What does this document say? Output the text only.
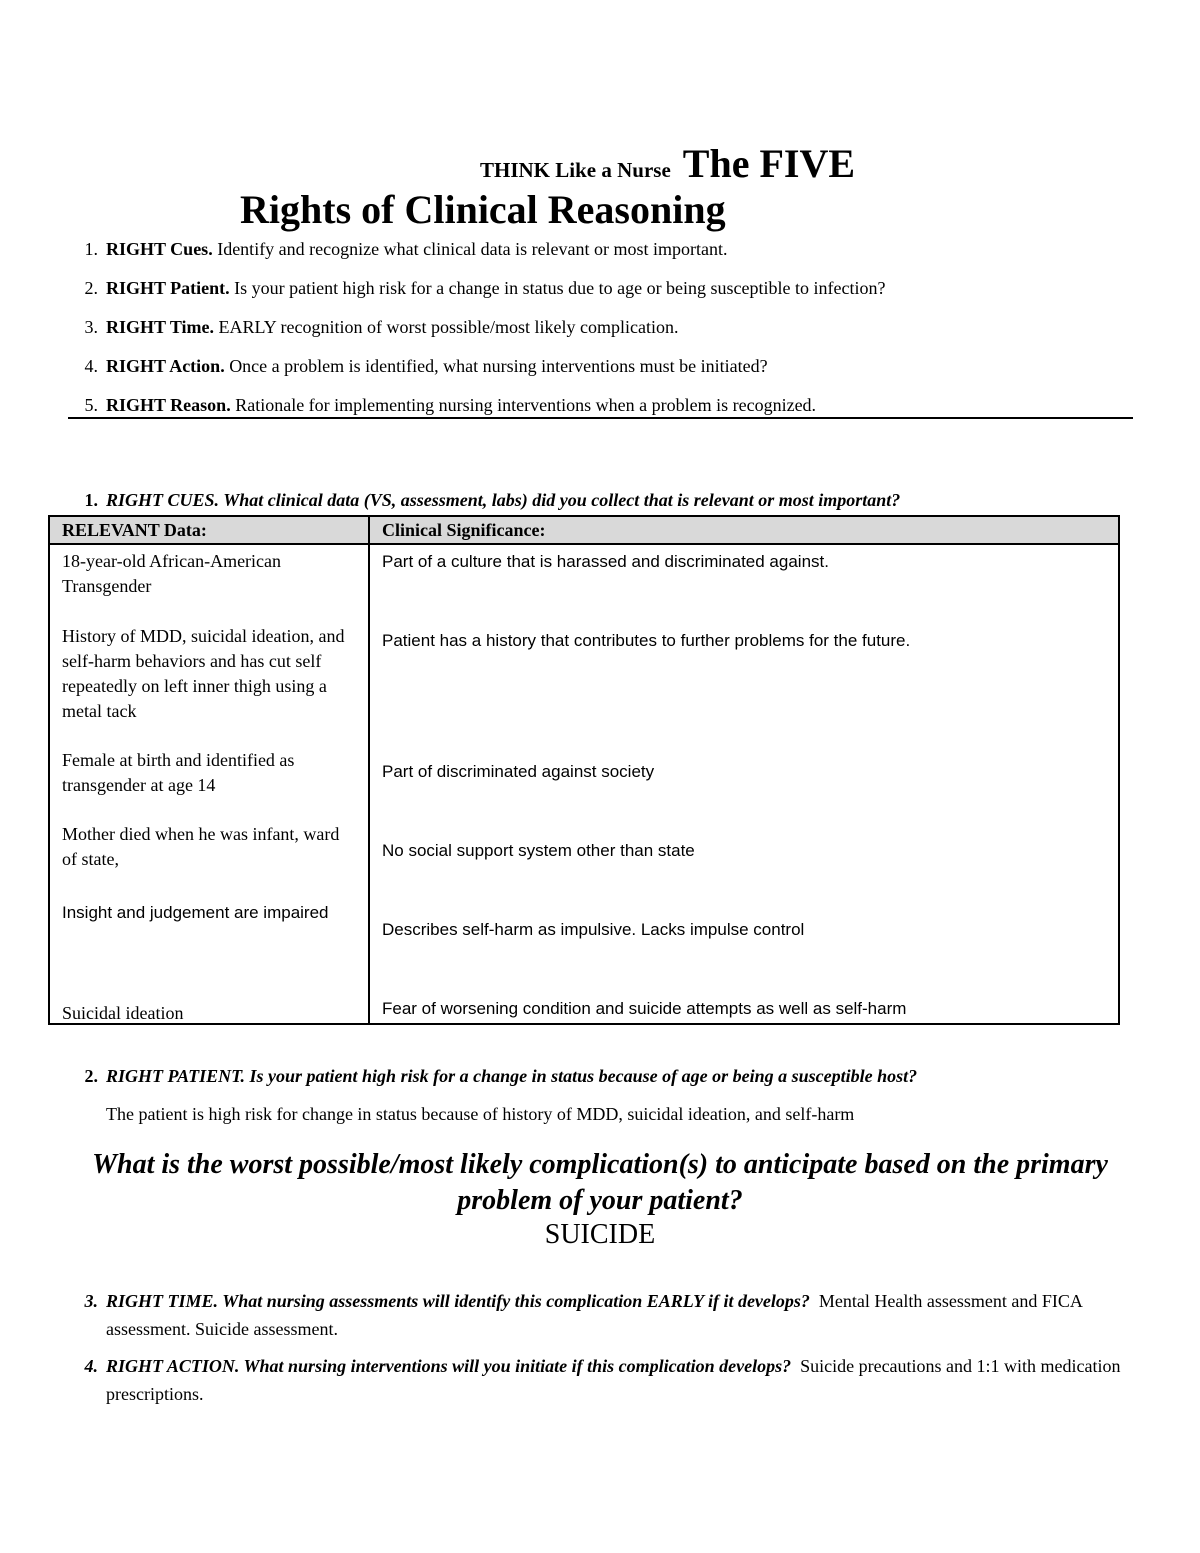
THINK Like a Nurse The FIVE
Rights of Clinical Reasoning
1. RIGHT Cues. Identify and recognize what clinical data is relevant or most important.
2. RIGHT Patient. Is your patient high risk for a change in status due to age or being susceptible to infection?
3. RIGHT Time. EARLY recognition of worst possible/most likely complication.
4. RIGHT Action. Once a problem is identified, what nursing interventions must be initiated?
5. RIGHT Reason. Rationale for implementing nursing interventions when a problem is recognized.
1. RIGHT CUES. What clinical data (VS, assessment, labs) did you collect that is relevant or most important?
RELEVANT Data:	Clinical Significance:
18-year-old African-American Transgender
History of MDD, suicidal ideation, and self-harm behaviors and has cut self repeatedly on left inner thigh using a metal tack
Female at birth and identified as transgender at age 14
Mother died when he was infant, ward of state,
Insight and judgement are impaired
Suicidal ideation
Part of a culture that is harassed and discriminated against.
Patient has a history that contributes to further problems for the future.
Part of discriminated against society
No social support system other than state
Describes self-harm as impulsive. Lacks impulse control
Fear of worsening condition and suicide attempts as well as self-harm
2. RIGHT PATIENT. Is your patient high risk for a change in status because of age or being a susceptible host?
The patient is high risk for change in status because of history of MDD, suicidal ideation, and self-harm
What is the worst possible/most likely complication(s) to anticipate based on the primary problem of your patient?
SUICIDE
3. RIGHT TIME. What nursing assessments will identify this complication EARLY if it develops? Mental Health assessment and FICA assessment. Suicide assessment.
4. RIGHT ACTION. What nursing interventions will you initiate if this complication develops? Suicide precautions and 1:1 with medication prescriptions.
